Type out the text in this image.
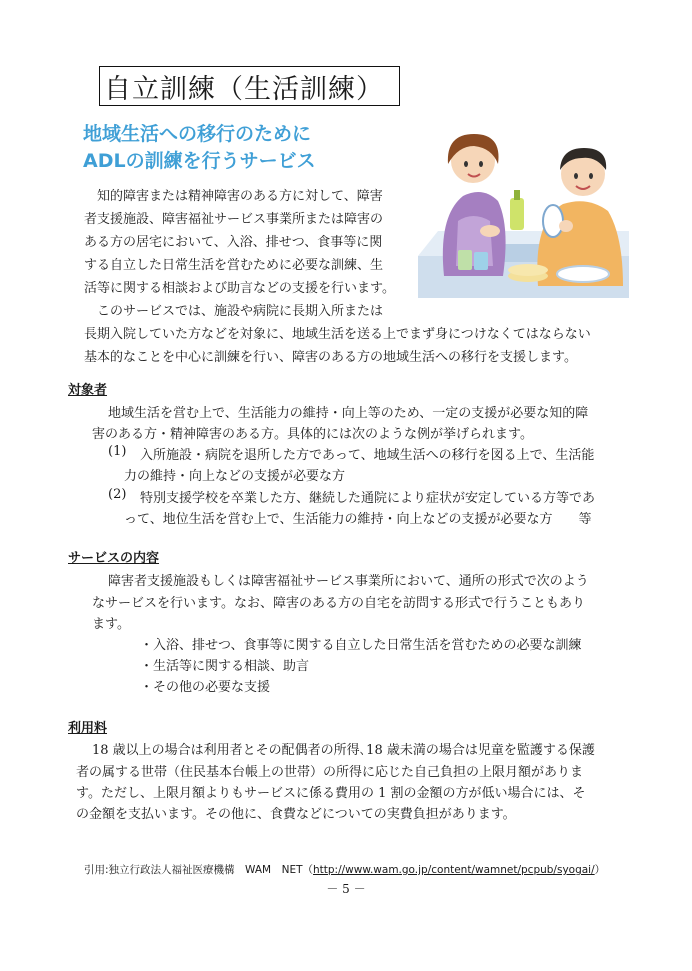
自立訓練（生活訓練）
地域生活への移行のために
ADLの訓練を行うサービス
　知的障害または精神障害のある方に対して、障害
者支援施設、障害福祉サービス事業所または障害の
ある方の居宅において、入浴、排せつ、食事等に関
する自立した日常生活を営むために必要な訓練、生
活等に関する相談および助言などの支援を行います。
　このサービスでは、施設や病院に長期入所または
長期入院していた方などを対象に、地域生活を送る上でまず身につけなくてはならない
基本的なことを中心に訓練を行い、障害のある方の地域生活への移行を支援します。
対象者
地域生活を営む上で、生活能力の維持・向上等のため、一定の支援が必要な知的障
害のある方・精神障害のある方。具体的には次のような例が挙げられます。
(1) 入所施設・病院を退所した方であって、地域生活への移行を図る上で、生活能
力の維持・向上などの支援が必要な方
(2) 特別支援学校を卒業した方、継続した通院により症状が安定している方等であ
って、地位生活を営む上で、生活能力の維持・向上などの支援が必要な方　　等
サービスの内容
障害者支援施設もしくは障害福祉サービス事業所において、通所の形式で次のよう
なサービスを行います。なお、障害のある方の自宅を訪問する形式で行うこともあり
ます。
・入浴、排せつ、食事等に関する自立した日常生活を営むための必要な訓練
・生活等に関する相談、助言
・その他の必要な支援
利用料
18 歳以上の場合は利用者とその配偶者の所得､18 歳未満の場合は児童を監護する保護
者の属する世帯（住民基本台帳上の世帯）の所得に応じた自己負担の上限月額がありま
す。ただし、上限月額よりもサービスに係る費用の 1 割の金額の方が低い場合には、そ
の金額を支払います。その他に、食費などについての実費負担があります。
引用:独立行政法人福祉医療機構　WAM　NET（http://www.wam.go.jp/content/wamnet/pcpub/syogai/）
－ 5 －
